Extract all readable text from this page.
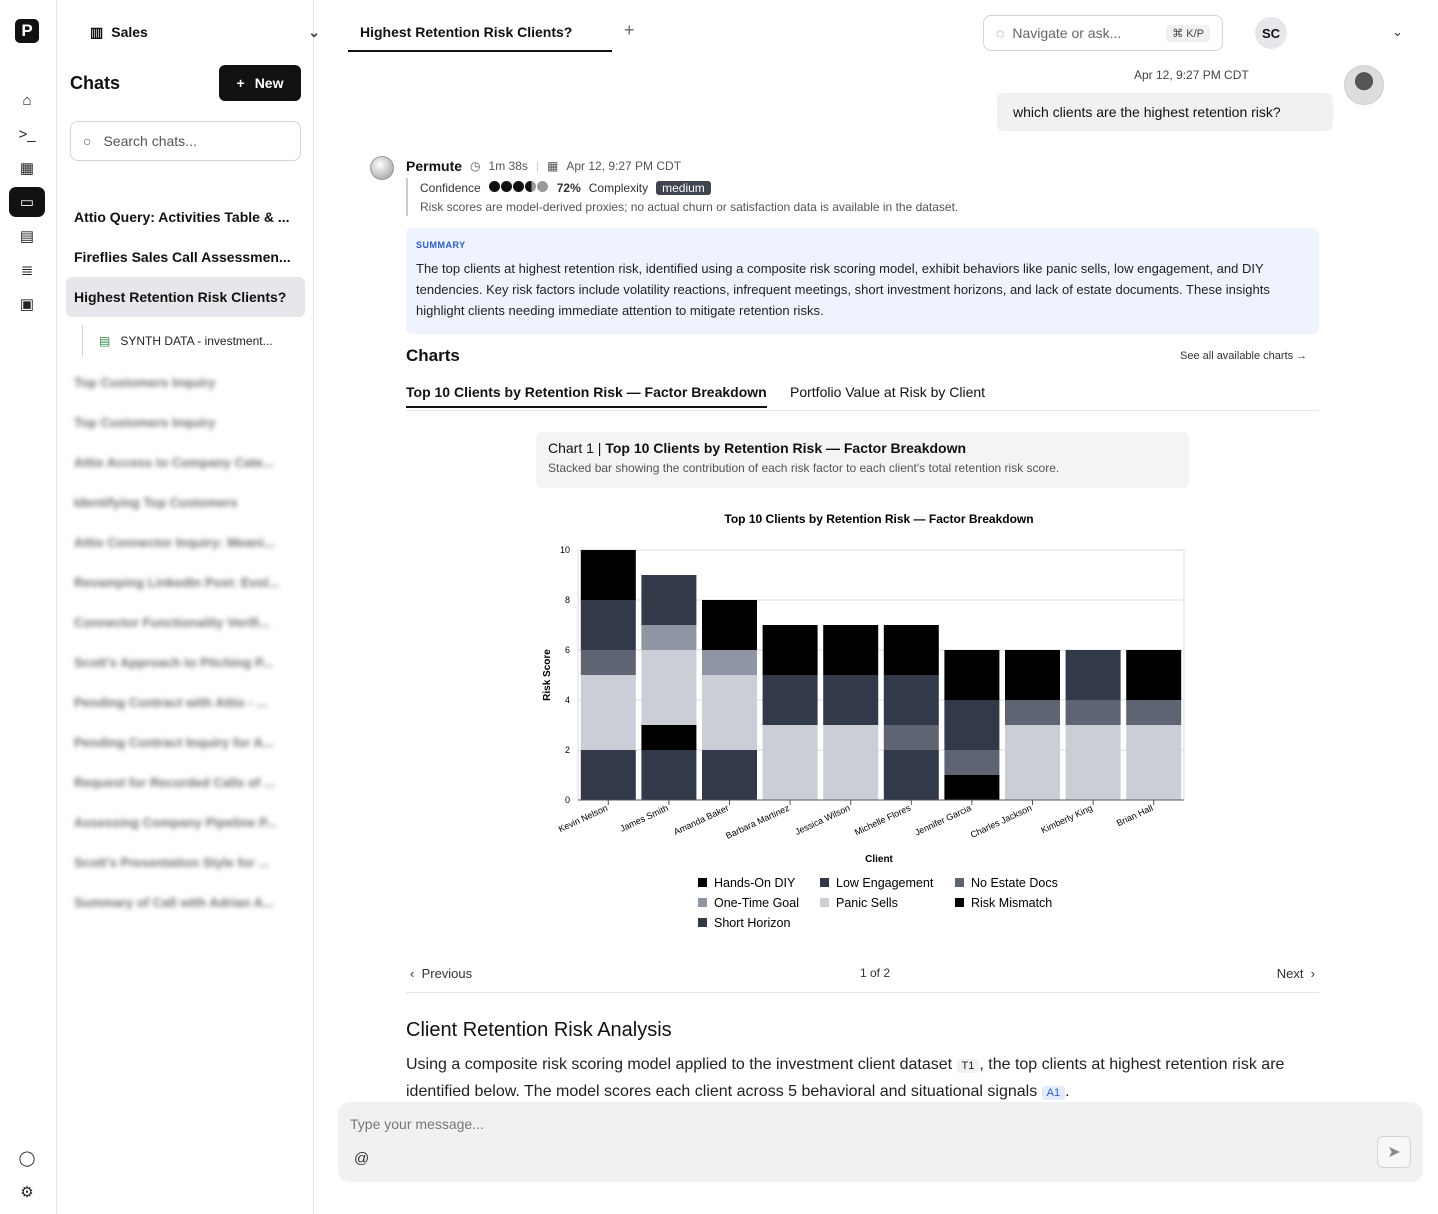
P
⌂
>_
▦
▭
▤
≣
▣
◯
⚙
▥ Sales	⌄
Chats	+ New
○ Search chats...
Attio Query: Activities Table & ...
Fireflies Sales Call Assessmen...
Highest Retention Risk Clients?
▤ SYNTH DATA - investment...
Top Customers Inquiry
Top Customers Inquiry
Attio Access to Company Cate...
Identifying Top Customers
Attio Connector Inquiry: Meani...
Revamping LinkedIn Post: Evol...
Connector Functionality Verifi...
Scott's Approach to Pitching P...
Pending Contract with Attio - ...
Pending Contract Inquiry for A...
Request for Recorded Calls of ...
Assessing Company Pipeline P...
Scott's Presentation Style for ...
Summary of Call with Adrian A...
Highest Retention Risk Clients?	+	◌ Navigate or ask...	⌘ K/P	SC	⌄
Apr 12, 9:27 PM CDT
which clients are the highest retention risk?
Permute ◷ 1m 38s | ▦ Apr 12, 9:27 PM CDT
Confidence	72% Complexity	medium
Risk scores are model-derived proxies; no actual churn or satisfaction data is available in the dataset.
SUMMARY
The top clients at highest retention risk, identified using a composite risk scoring model, exhibit behaviors like panic sells, low engagement, and DIY tendencies. Key risk factors include volatility reactions, infrequent meetings, short investment horizons, and lack of estate documents. These insights highlight clients needing immediate attention to mitigate retention risks.
Charts	See all available charts →
Top 10 Clients by Retention Risk — Factor Breakdown Portfolio Value at Risk by Client
Chart 1 | Top 10 Clients by Retention Risk — Factor Breakdown
Stacked bar showing the contribution of each risk factor to each client's total retention risk score.
Top 10 Clients by Retention Risk — Factor Breakdown
0
2
4
6
8
10
Kevin Nelson James Smith Amanda Baker
Barbara Martinez Jessica Wilson Michelle Flores Jennifer Garcia
Charles Jackson Kimberly King Brian Hall
Client
Risk Score
Hands-On DIY	Low Engagement	No Estate Docs
One-Time Goal	Panic Sells	Risk Mismatch
Short Horizon
‹  Previous	1 of 2	Next  ›
Client Retention Risk Analysis
Using a composite risk scoring model applied to the investment client dataset T1 , the top clients at highest retention risk are identified below. The model scores each client across 5 behavioral and situational signals A1 .
Type your message...
@	➤
